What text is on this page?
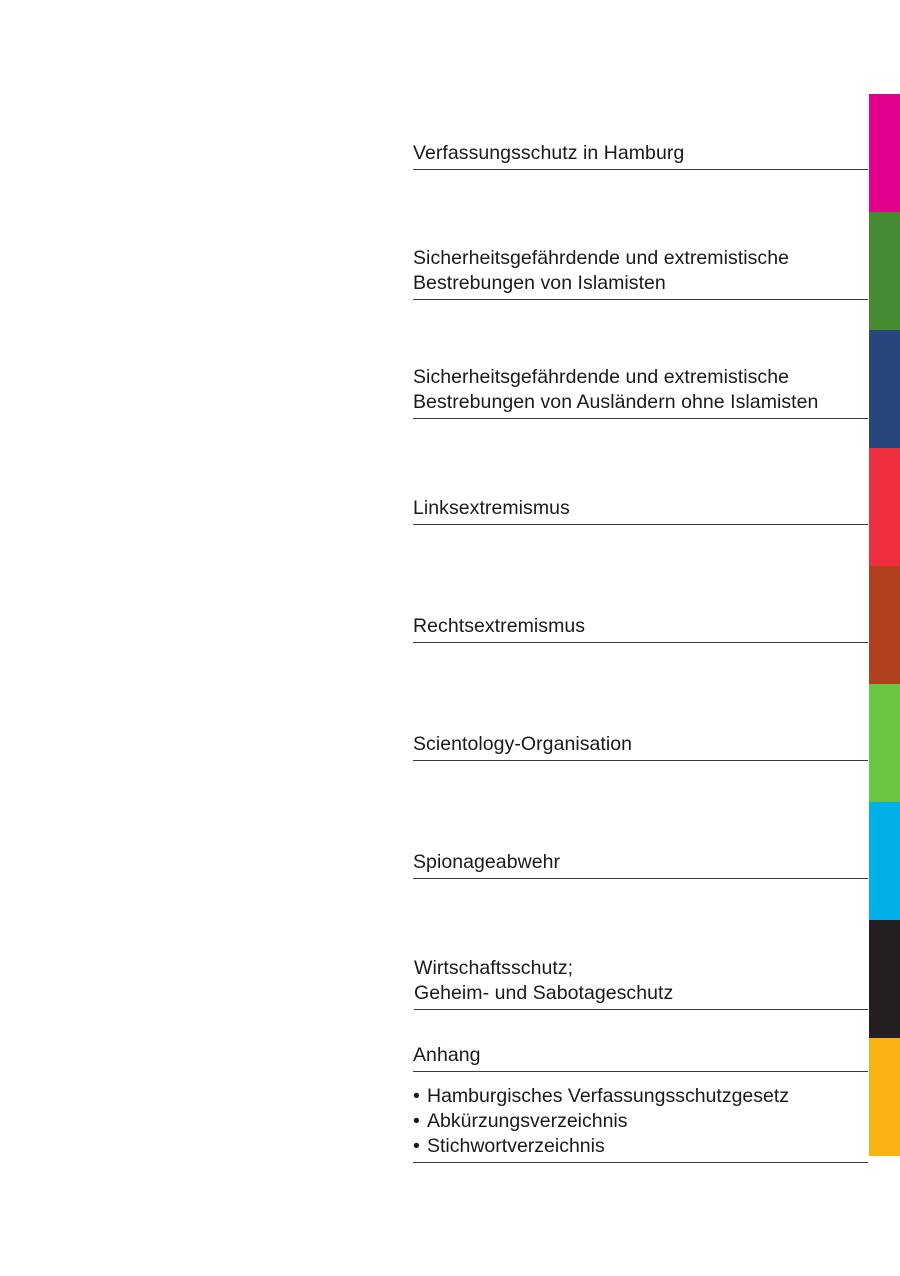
Verfassungsschutz in Hamburg
Sicherheitsgefährdende und extremistische
Bestrebungen von Islamisten
Sicherheitsgefährdende und extremistische
Bestrebungen von Ausländern ohne Islamisten
Linksextremismus
Rechtsextremismus
Scientology-Organisation
Spionageabwehr
Wirtschaftsschutz;
Geheim- und Sabotageschutz
Anhang
• Hamburgisches Verfassungsschutzgesetz
• Abkürzungsverzeichnis
• Stichwortverzeichnis
